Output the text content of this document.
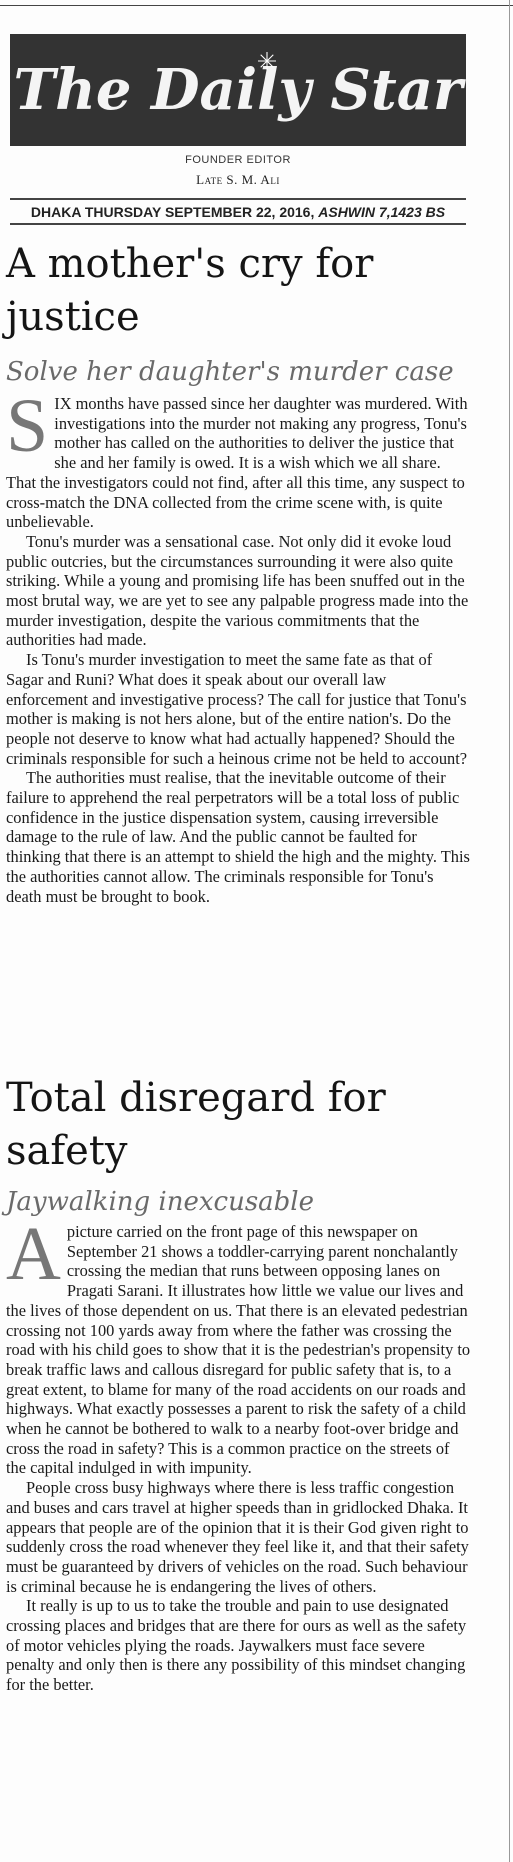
The Daily Star
FOUNDER EDITOR
Late S. M. Ali
DHAKA THURSDAY SEPTEMBER 22, 2016,
ASHWIN 7,1423 BS
A mother's cry for justice
Solve her daughter's murder case

SIX months have passed since her daughter was murdered. With investigations into the murder not making any progress, Tonu's mother has called on the authorities to deliver the justice that she and her family is owed. It is a wish which we all share. That the investigators could not find, after all this time, any suspect to cross-match the DNA collected from the crime scene with, is quite unbelievable.

Tonu's murder was a sensational case. Not only did it evoke loud public outcries, but the circumstances surrounding it were also quite striking. While a young and promising life has been snuffed out in the most brutal way, we are yet to see any palpable progress made into the murder investigation, despite the various commitments that the authorities had made.

Is Tonu's murder investigation to meet the same fate as that of Sagar and Runi? What does it speak about our overall law enforcement and investigative process? The call for justice that Tonu's mother is making is not hers alone, but of the entire nation's. Do the people not deserve to know what had actually happened? Should the criminals responsible for such a heinous crime not be held to account?

The authorities must realise, that the inevitable outcome of their failure to apprehend the real perpetrators will be a total loss of public confidence in the justice dispensation system, causing irreversible damage to the rule of law. And the public cannot be faulted for thinking that there is an attempt to shield the high and the mighty. This the authorities cannot allow. The criminals responsible for Tonu's death must be brought to book.

Total disregard for safety
Jaywalking inexcusable

Apicture carried on the front page of this newspaper on September 21 shows a toddler-carrying parent nonchalantly crossing the median that runs between opposing lanes on Pragati Sarani. It illustrates how little we value our lives and the lives of those dependent on us. That there is an elevated pedestrian crossing not 100 yards away from where the father was crossing the road with his child goes to show that it is the pedestrian's propensity to break traffic laws and callous disregard for public safety that is, to a great extent, to blame for many of the road accidents on our roads and highways. What exactly possesses a parent to risk the safety of a child when he cannot be bothered to walk to a nearby foot-over bridge and cross the road in safety? This is a common practice on the streets of the capital indulged in with impunity.

People cross busy highways where there is less traffic congestion and buses and cars travel at higher speeds than in gridlocked Dhaka. It appears that people are of the opinion that it is their God given right to suddenly cross the road whenever they feel like it, and that their safety must be guaranteed by drivers of vehicles on the road. Such behaviour is criminal because he is endangering the lives of others.

It really is up to us to take the trouble and pain to use designated crossing places and bridges that are there for ours as well as the safety of motor vehicles plying the roads. Jaywalkers must face severe penalty and only then is there any possibility of this mindset changing for the better.
